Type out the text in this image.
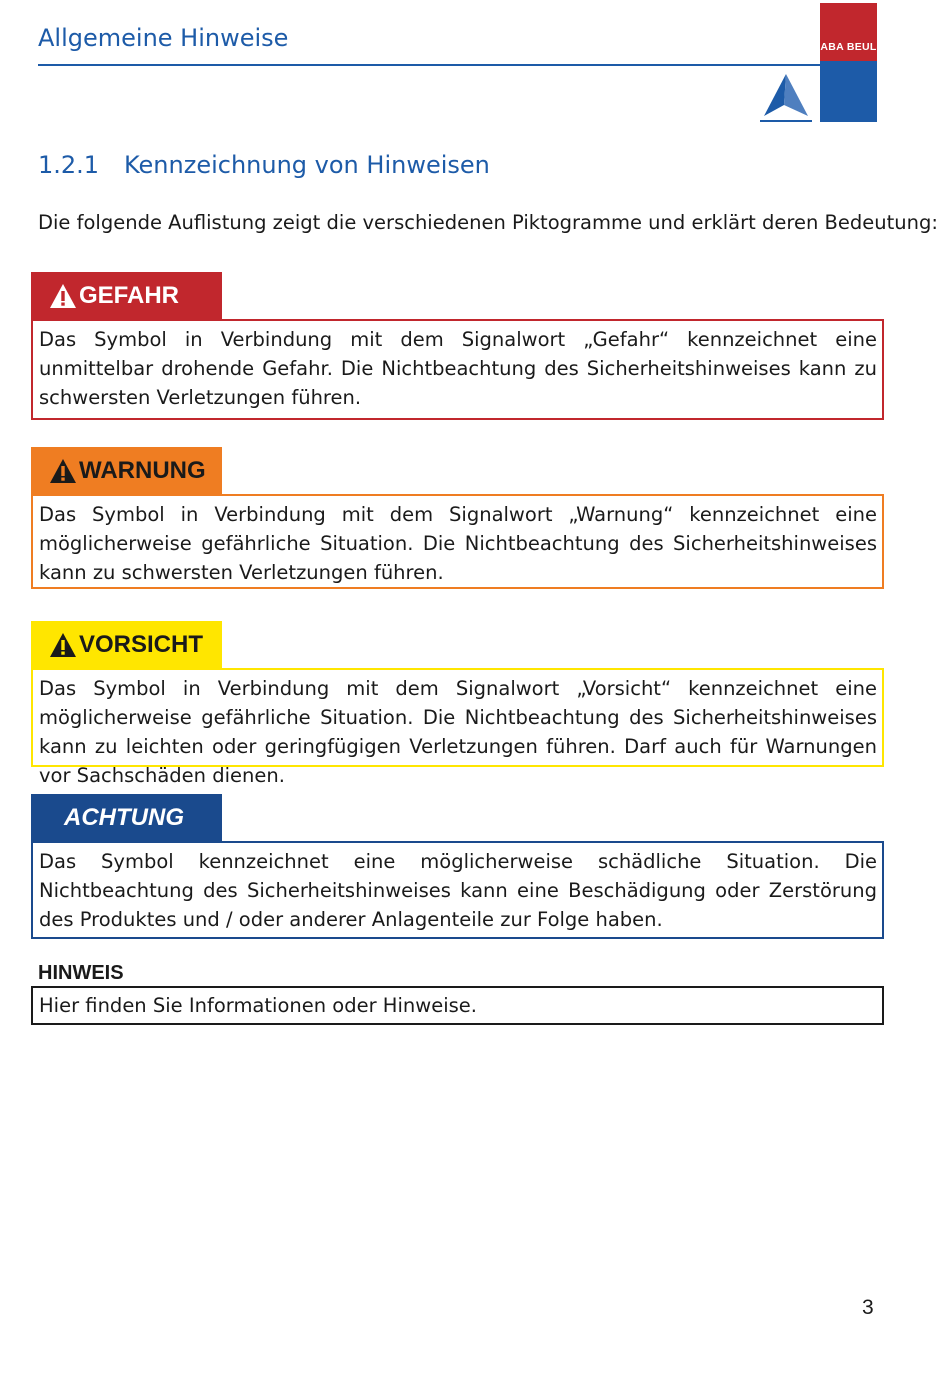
Allgemeine Hinweise	ABA BEUL
1.2.1 Kennzeichnung von Hinweisen
Die folgende Auflistung zeigt die verschiedenen Piktogramme und erklärt deren Bedeutung:
GEFAHR
Das Symbol in Verbindung mit dem Signalwort „Gefahr“ kennzeichnet eine unmittelbar drohende Gefahr. Die Nichtbeachtung des Sicherheitshinweises kann zu schwersten Verletzungen führen.
WARNUNG
Das Symbol in Verbindung mit dem Signalwort „Warnung“ kennzeichnet eine möglicherweise gefährliche Situation. Die Nichtbeachtung des Sicherheitshinweises kann zu schwersten Verletzungen führen.
VORSICHT
Das Symbol in Verbindung mit dem Signalwort „Vorsicht“ kennzeichnet eine möglicherweise gefährliche Situation. Die Nichtbeachtung des Sicherheitshinweises kann zu leichten oder geringfügigen Verletzungen führen. Darf auch für Warnungen vor Sachschäden dienen.
ACHTUNG
Das Symbol kennzeichnet eine möglicherweise schädliche Situation. Die Nichtbeachtung des Sicherheitshinweises kann eine Beschädigung oder Zerstörung des Produktes und / oder anderer Anlagenteile zur Folge haben.
HINWEIS
Hier finden Sie Informationen oder Hinweise.
3
